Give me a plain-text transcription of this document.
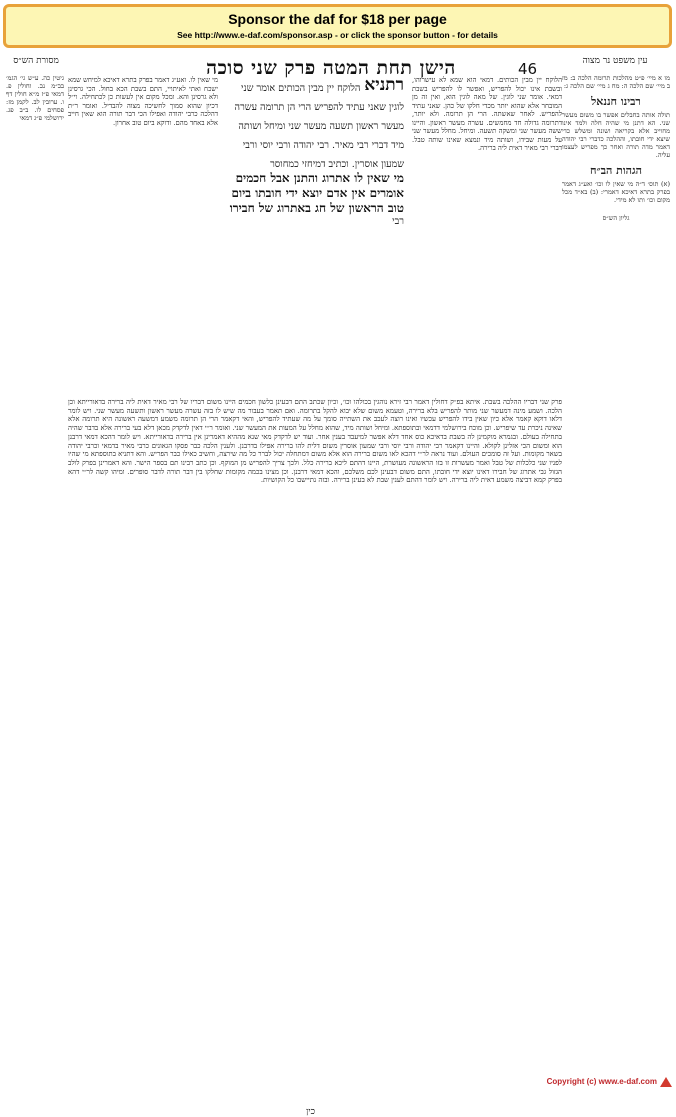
Sponsor the daf for $18 per page
See http://www.e-daf.com/sponsor.asp - or click the sponsor button - for details
46
הישן תחת המטה פרק שני סוכה	עין משפט נר מצוה
מסורת הש״ס
מו א מיי׳ פ״ט מהלכות תרומה הלכה ב: מז ב מיי׳ שם הלכה ה: מח ג מיי׳ שם הלכה ג:
רבינו חננאל
תולה אותה בחבלים אפשר בו משום מעשר שני. הא דתנן מי שהיה חלה ולמד אינו מחוייב אלא בקריאה ושונה ומשלש כדי שיצא ידי חובתו, וההלכה כדברי רבי יהודה דאמר מדה תורה ואחר כך מפריש לעצמו עליה.
הגהות הב״ח
(א) תוס׳ ד״ה מי שאין לו וכו׳ ואע״ג דאמר בפרק בתרא דאיכא דאמרי: (ב) בא״ד מכל מקום וכו׳ ותו לא מידי.
גליון הש״ס
גיטין כה. ע״ש גי׳ הגמ׳ בב״מ נב. וחולין פ. דמאי פ״ז מ״א חולין דף ו. ערובין לב. לקמן מז: פסחים לו. ב״ב פג. ירושלמי פ״ג דמאי
הלוקח יין מבין הכותים. דמאי הוא שמא לא עישרוהו, ובשבת אינו יכול להפריש, ואפשר לו להפריש בשבת דמאי. אומר שני לוגין. של מאה לוגין הוא, ואין זה מן המובחר אלא שהוא יותר מכדי חלקו של כהן. שאני עתיד להפריש. לאחר שאשתה. הרי הן תרומה. ולא יותר, דתרומה גדולה חד מחמשים. עשרה מעשר ראשון. והיינו ששה מעשר שני ומשקה תשעה. ומיחל. מחלל מעשר שני על מעות שבידו, ושותה מיד ונמצא שאינו שותה טבל. דברי רבי מאיר דאית ליה ברירה.
רתניא
הלוקח יין מבין הכותים אומר שני לוגין שאני עתיד להפריש הרי הן תרומה עשרה מעשר ראשון תשעה מעשר שני ומיחל ושותה מיד דברי רבי מאיר. רבי יהודה ורבי יוסי ורבי שמעון אוסרין. וכתיב דמיחזי כמחוסר
מי שאין לו אתרוג והתנן אבל חכמים אומרים אין אדם יוצא ידי חובתו ביום טוב הראשון של חג באתרוג של חבירו
רבי
מי שאין לו. ואע״ג דאמר בפרק בתרא דאיכא למיחש שמא ישכח ואתי לאיתויי, התם בשבת הכא בחול. הכי גרסינן ולא גרסינן והא. ומכל מקום אין לעשות כן לכתחילה. וי״ל דכיון שהוא סמוך לחשיכה מצוה להבדיל. ואומר ר״ת דהלכה כרבי יהודה ואפילו הכי דבר תורה הוא שאין חייב אלא באחד מהם. ודוקא ביום טוב אחרון.
פרק שני דבריו ההלכה בשבת. איתא בפ״ק דחולין דאמר רבי זירא נוהגין בכולהו וכו׳, וכיון שכתב התם דבעינן כלשון חכמים היינו משום דבריו של רבי מאיר דאית ליה ברירה בדאורייתא וכן הלכה. ושמע מינה דמעשר שני מותר להפריש בלא ברירה, וטעמא משום שלא יבוא להקל בתרומה. ואם תאמר בעבור מה שיש לו בזה עשרה מעשר ראשון ותשעה מעשר שני. ויש לומר דלאו דוקא קאמר אלא כיון שאין בידו להפריש עכשיו ואינו רוצה לעכב את השתייה סומך על מה שעתיד להפריש, והאי דקאמר הרי הן תרומה משמע דמשעה ראשונה היא תרומה אלא שאינה ניכרת עד שיפריש. וכן מוכח בירושלמי דדמאי ובתוספתא. ומיחל ושותה מיד, שהוא מחלל על המעות את המעשר שני. ואומר ר״י דאין לדקדק מכאן דלא בעי ברירה אלא בדבר שהיה בתחילה בעולם. ובגמרא מוקמינן לה בשבת בדאיכא כוס אחד דלא אפשר למיעבד בענין אחר. ועוד יש לדקדק מאי שנא מההיא דאמרינן אין ברירה בדאורייתא. ויש לומר דהכא דמאי דרבנן הוא ומשום הכי אזלינן לקולא. והיינו דקאמר רבי יהודה ורבי יוסי ורבי שמעון אוסרין משום דלית להו ברירה אפילו בדרבנן. ולענין הלכה כבר פסקו הגאונים כרבי מאיר בדמאי וכרבי יהודה בשאר מקומות. ועל זה סומכים העולם. ועוד נראה לר״י דהכא לאו משום ברירה הוא אלא משום דמתחלה יכול לברר כל מה שירצה, וחשיב כאילו כבר הפריש. והא דתניא בתוספתא מי שהיו לפניו שני כלכלות של טבל ואמר מעשרות זו בזו הראשונה מעושרת, היינו דהתם ליכא ברירה כלל. ולכך צריך להפריש מן המוקף. וכן כתב רבינו תם בספר הישר. והא דאמרינן בפרק לולב הגזול גבי אתרוג של חבירו דאינו יוצא ידי חובתו, התם משום דבעינן לכם משלכם, והכא דמאי דרבנן. וכן מצינו בכמה מקומות שחלקו בין דבר תורה לדבר סופרים. ומיהו קשה לר״י דהא בפרק קמא דביצה משמע דאית ליה ברירה. ויש לומר דהתם לענין שבת לא בעינן ברירה. ובזה נתיישבו כל הקושיות.
כין
Copyright (c) www.e-daf.com
